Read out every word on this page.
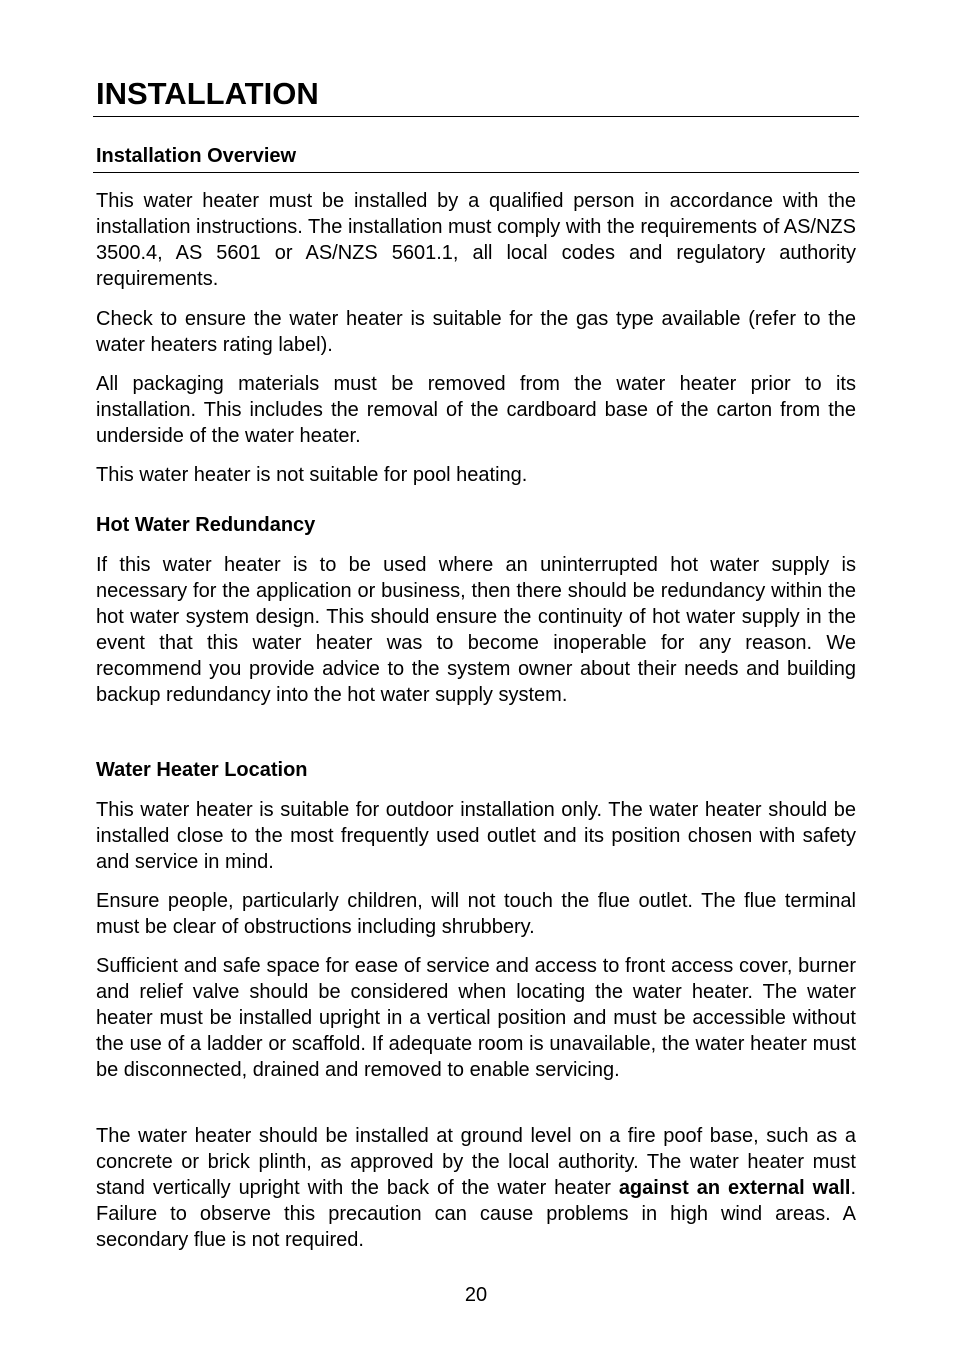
INSTALLATION
Installation Overview
This water heater must be installed by a qualified person in accordance with the installation instructions. The installation must comply with the requirements of AS/NZS 3500.4, AS 5601 or AS/NZS 5601.1, all local codes and regulatory authority requirements.
Check to ensure the water heater is suitable for the gas type available (refer to the water heaters rating label).
All packaging materials must be removed from the water heater prior to its installation. This includes the removal of the cardboard base of the carton from the underside of the water heater.
This water heater is not suitable for pool heating.
Hot Water Redundancy
If this water heater is to be used where an uninterrupted hot water supply is necessary for the application or business, then there should be redundancy within the hot water system design. This should ensure the continuity of hot water supply in the event that this water heater was to become inoperable for any reason. We recommend you provide advice to the system owner about their needs and building backup redundancy into the hot water supply system.
Water Heater Location
This water heater is suitable for outdoor installation only. The water heater should be installed close to the most frequently used outlet and its position chosen with safety and service in mind.
Ensure people, particularly children, will not touch the flue outlet. The flue terminal must be clear of obstructions including shrubbery.
Sufficient and safe space for ease of service and access to front access cover, burner and relief valve should be considered when locating the water heater. The water heater must be installed upright in a vertical position and must be accessible without the use of a ladder or scaffold. If adequate room is unavailable, the water heater must be disconnected, drained and removed to enable servicing.
The water heater should be installed at ground level on a fire poof base, such as a concrete or brick plinth, as approved by the local authority. The water heater must stand vertically upright with the back of the water heater against an external wall. Failure to observe this precaution can cause problems in high wind areas. A secondary flue is not required.
20
